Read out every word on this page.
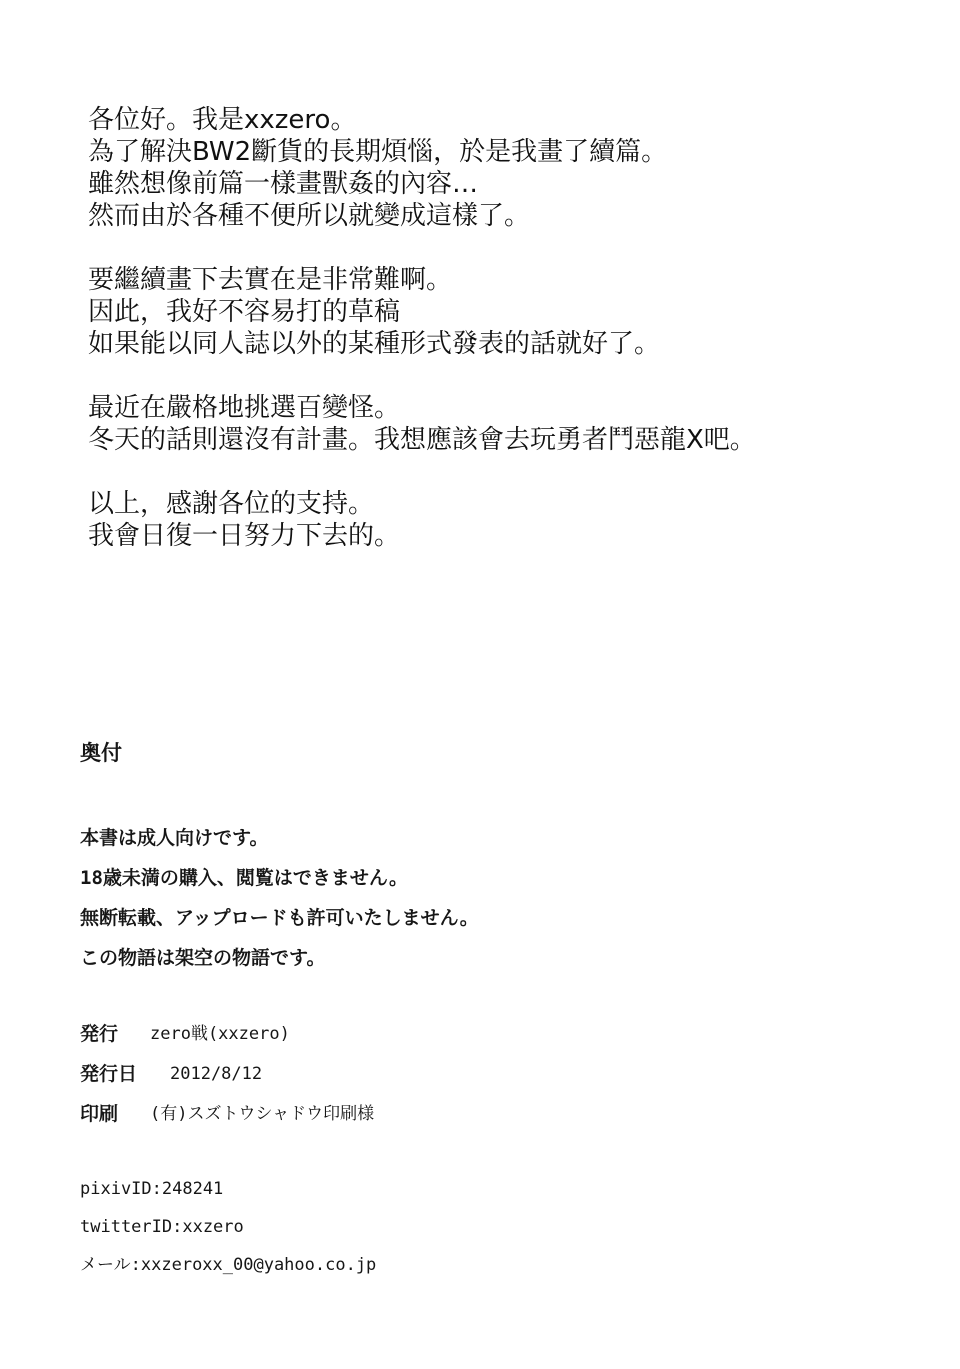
各位好。我是xxzero。
為了解決BW2斷貨的長期煩惱，於是我畫了續篇。
雖然想像前篇一樣畫獸姦的內容…
然而由於各種不便所以就變成這樣了。
要繼續畫下去實在是非常難啊。
因此，我好不容易打的草稿
如果能以同人誌以外的某種形式發表的話就好了。
最近在嚴格地挑選百變怪。
冬天的話則還沒有計畫。我想應該會去玩勇者鬥惡龍X吧。
以上，感謝各位的支持。
我會日復一日努力下去的。
奥付
本書は成人向けです。
18歳未満の購入、閲覧はできません。
無断転載、アップロードも許可いたしません。
この物語は架空の物語です。
発行	zero戦(xxzero)
発行日	2012/8/12
印刷	(有)スズトウシャドウ印刷様
pixivID:248241
twitterID:xxzero
メール:xxzeroxx_00@yahoo.co.jp
